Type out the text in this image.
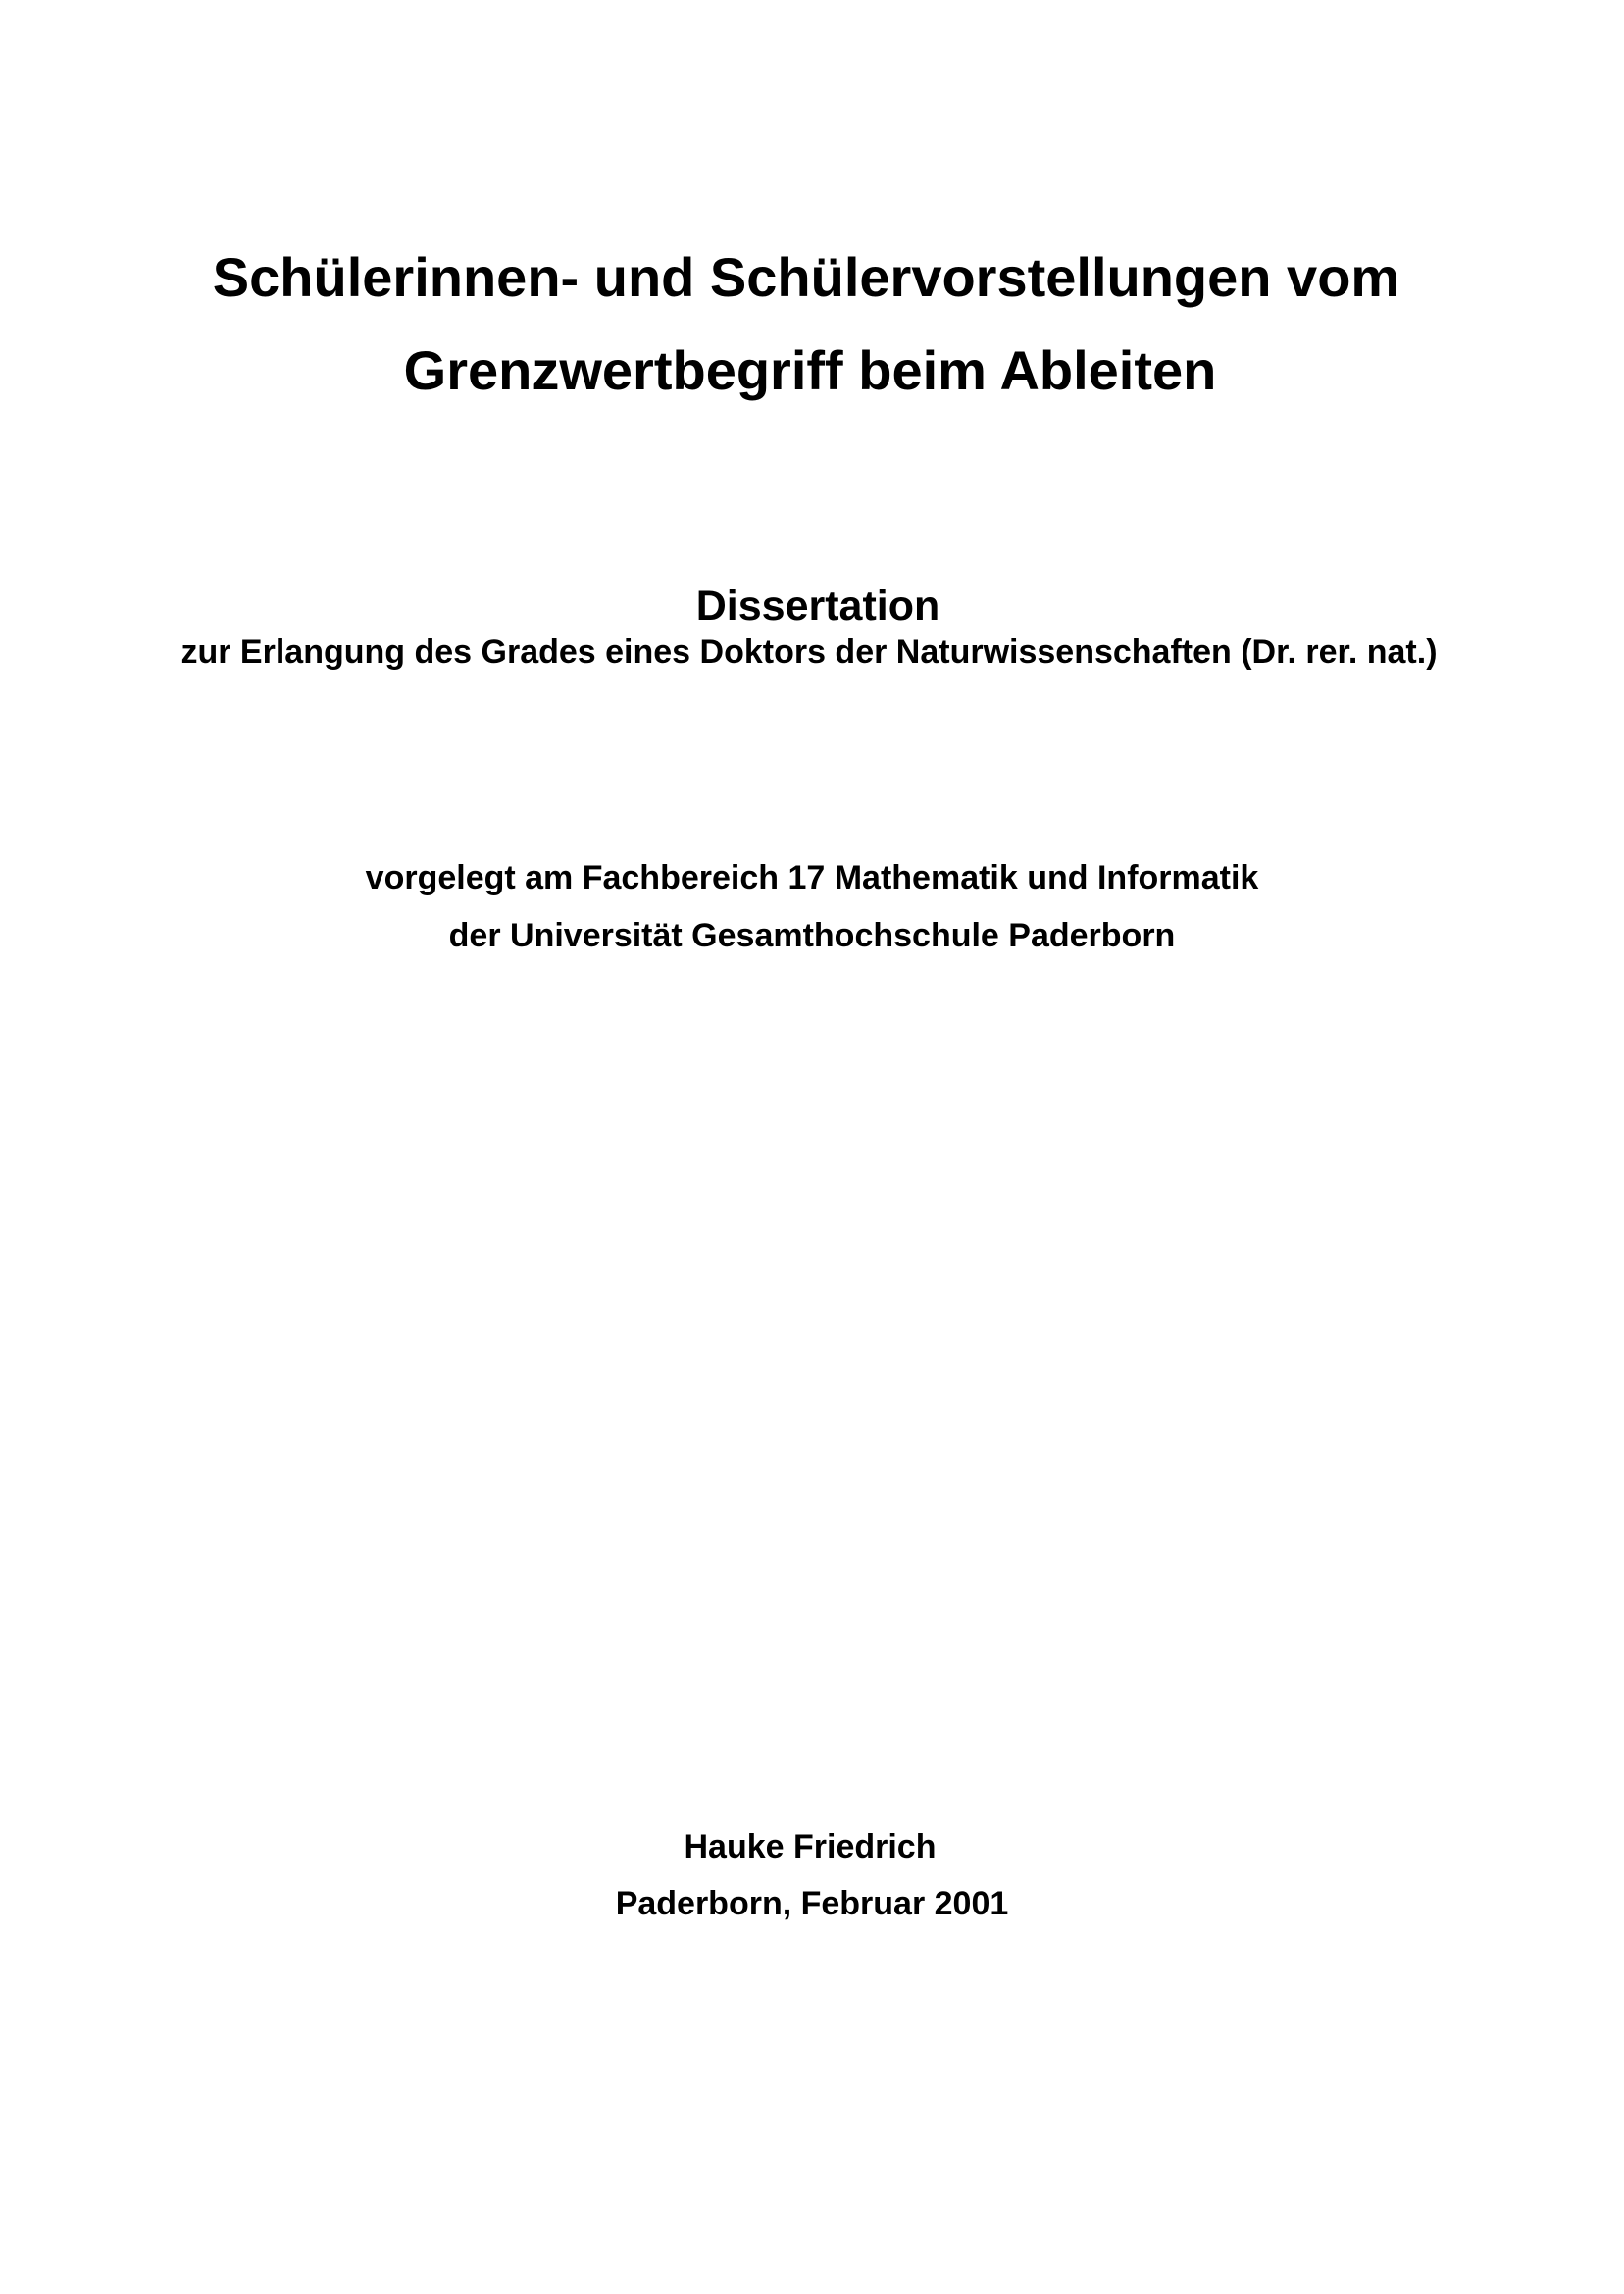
Schülerinnen- und Schülervorstellungen vom
Grenzwertbegriff beim Ableiten
Dissertation
zur Erlangung des Grades eines Doktors der Naturwissenschaften (Dr. rer. nat.)
vorgelegt am Fachbereich 17 Mathematik und Informatik
der Universität Gesamthochschule Paderborn
Hauke Friedrich
Paderborn, Februar 2001
